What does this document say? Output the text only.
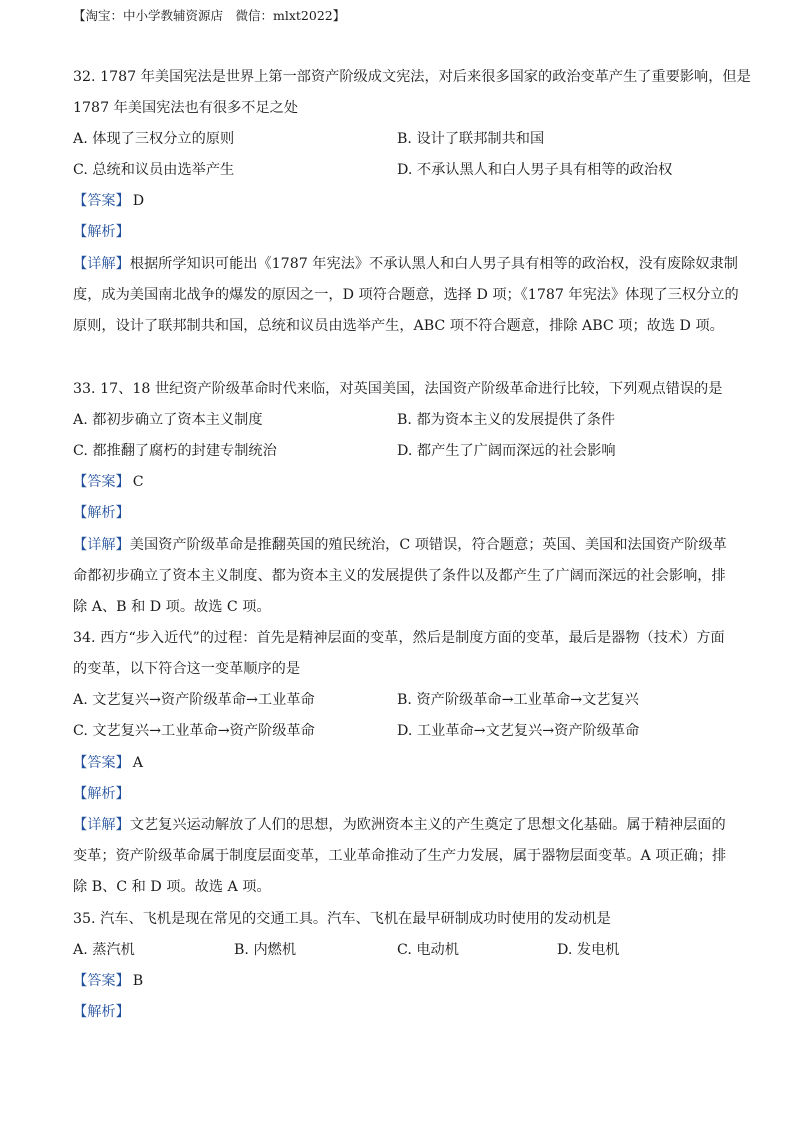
【淘宝：中小学教辅资源店　微信：mlxt2022】
32. 1787 年美国宪法是世界上第一部资产阶级成文宪法，对后来很多国家的政治变革产生了重要影响，但是
1787 年美国宪法也有很多不足之处
A. 体现了三权分立的原则	B. 设计了联邦制共和国
C. 总统和议员由选举产生	D. 不承认黑人和白人男子具有相等的政治权
【答案】 D
【解析】
【详解】根据所学知识可能出《1787 年宪法》不承认黑人和白人男子具有相等的政治权，没有废除奴隶制
度，成为美国南北战争的爆发的原因之一，D 项符合题意，选择 D 项；《1787 年宪法》体现了三权分立的
原则，设计了联邦制共和国，总统和议员由选举产生，ABC 项不符合题意，排除 ABC 项；故选 D 项。
33. 17、18 世纪资产阶级革命时代来临，对英国美国，法国资产阶级革命进行比较，下列观点错误的是
A. 都初步确立了资本主义制度	B. 都为资本主义的发展提供了条件
C. 都推翻了腐朽的封建专制统治	D. 都产生了广阔而深远的社会影响
【答案】 C
【解析】
【详解】美国资产阶级革命是推翻英国的殖民统治，C 项错误，符合题意；英国、美国和法国资产阶级革
命都初步确立了资本主义制度、都为资本主义的发展提供了条件以及都产生了广阔而深远的社会影响，排
除 A、B 和 D 项。故选 C 项。
34. 西方“步入近代”的过程：首先是精神层面的变革，然后是制度方面的变革，最后是器物（技术）方面
的变革，以下符合这一变革顺序的是
A. 文艺复兴→资产阶级革命→工业革命	B. 资产阶级革命→工业革命→文艺复兴
C. 文艺复兴→工业革命→资产阶级革命	D. 工业革命→文艺复兴→资产阶级革命
【答案】 A
【解析】
【详解】文艺复兴运动解放了人们的思想，为欧洲资本主义的产生奠定了思想文化基础。属于精神层面的
变革；资产阶级革命属于制度层面变革，工业革命推动了生产力发展，属于器物层面变革。A 项正确；排
除 B、C 和 D 项。故选 A 项。
35. 汽车、飞机是现在常见的交通工具。汽车、飞机在最早研制成功时使用的发动机是
A. 蒸汽机	B. 内燃机	C. 电动机	D. 发电机
【答案】 B
【解析】
